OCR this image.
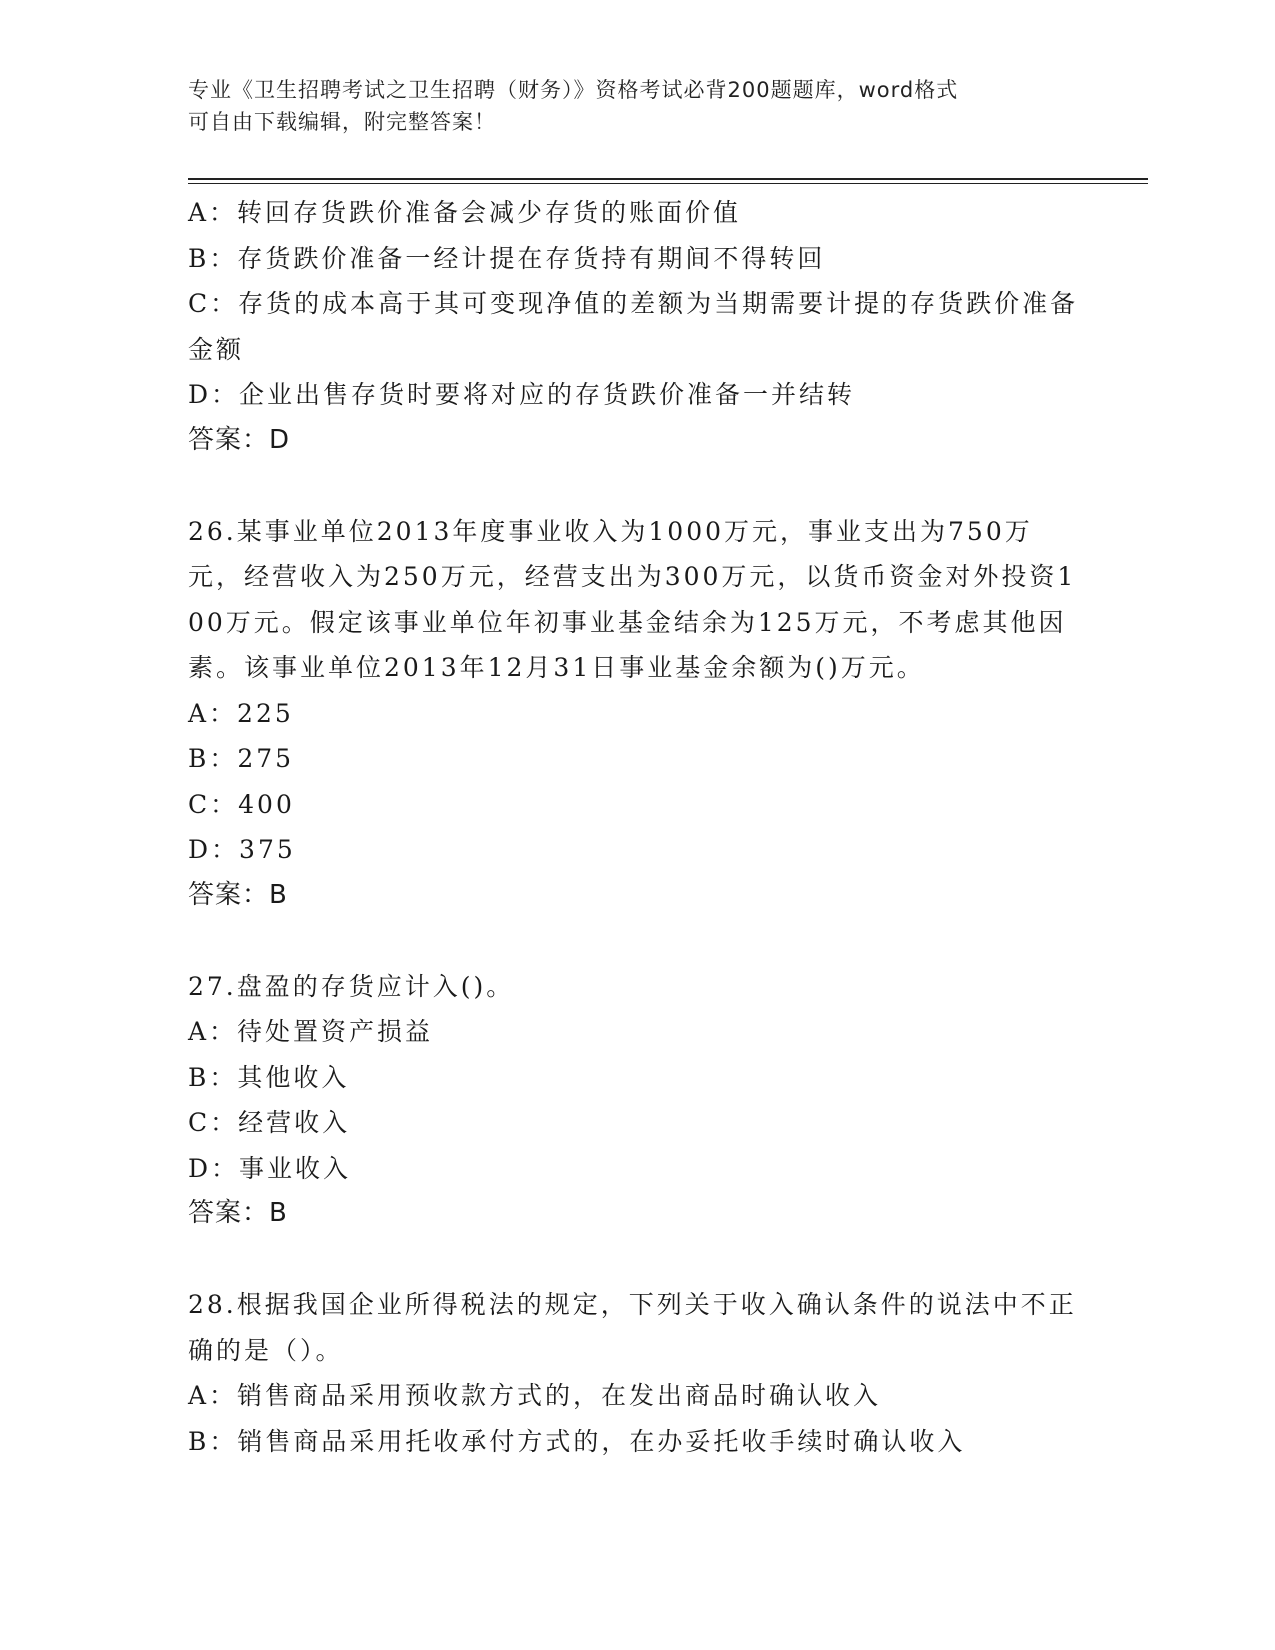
专业《卫生招聘考试之卫生招聘（财务）》资格考试必背200题题库，word格式
可自由下载编辑，附完整答案！
A：转回存货跌价准备会减少存货的账面价值
B：存货跌价准备一经计提在存货持有期间不得转回
C：存货的成本高于其可变现净值的差额为当期需要计提的存货跌价准备金额
D：企业出售存货时要将对应的存货跌价准备一并结转
答案：D
26.某事业单位2013年度事业收入为1000万元，事业支出为750万元，经营收入为250万元，经营支出为300万元，以货币资金对外投资100万元。假定该事业单位年初事业基金结余为125万元，不考虑其他因素。该事业单位2013年12月31日事业基金余额为()万元。
A：225
B：275
C：400
D：375
答案：B
27.盘盈的存货应计入()。
A：待处置资产损益
B：其他收入
C：经营收入
D：事业收入
答案：B
28.根据我国企业所得税法的规定，下列关于收入确认条件的说法中不正确的是（）。
A：销售商品采用预收款方式的，在发出商品时确认收入
B：销售商品采用托收承付方式的，在办妥托收手续时确认收入
